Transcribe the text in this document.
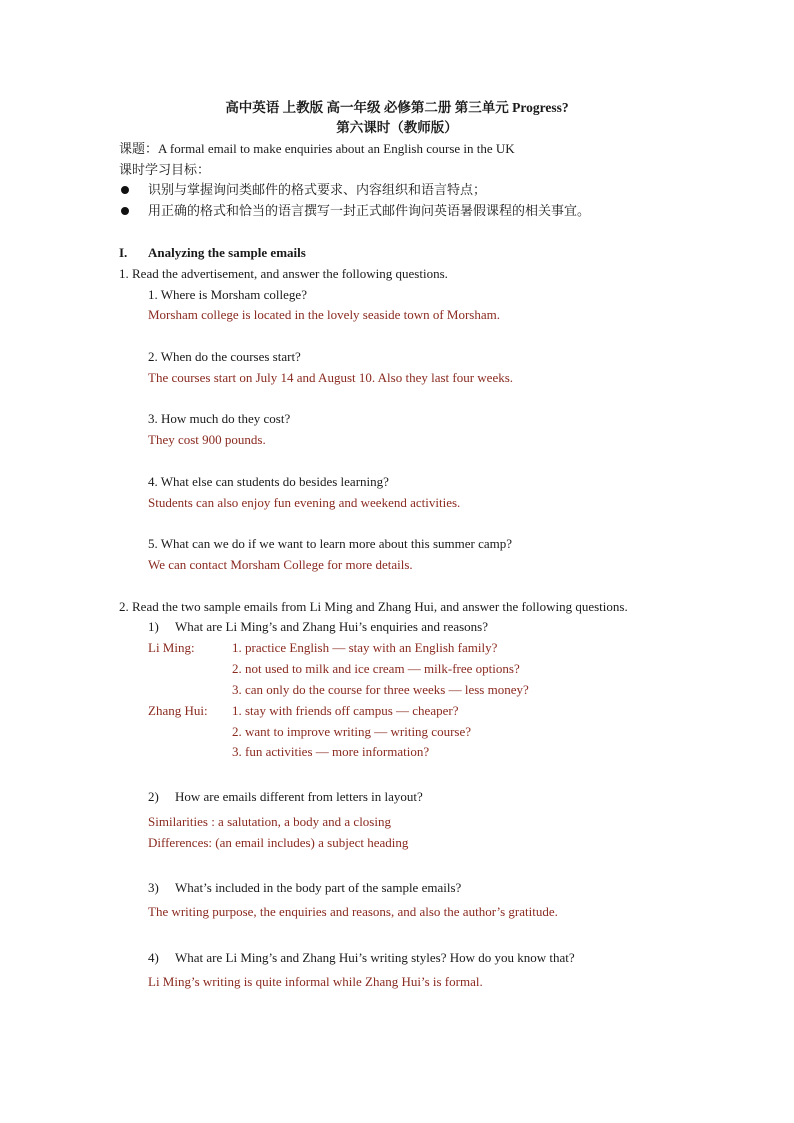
高中英语 上教版 高一年级 必修第二册 第三单元 Progress?
第六课时（教师版）
课题：A formal email to make enquiries about an English course in the UK
课时学习目标：
识别与掌握询问类邮件的格式要求、内容组织和语言特点；
用正确的格式和恰当的语言撰写一封正式邮件询问英语暑假课程的相关事宜。
I. Analyzing the sample emails
1. Read the advertisement, and answer the following questions.
1. Where is Morsham college?
Morsham college is located in the lovely seaside town of Morsham.
2. When do the courses start?
The courses start on July 14 and August 10. Also they last four weeks.
3. How much do they cost?
They cost 900 pounds.
4. What else can students do besides learning?
Students can also enjoy fun evening and weekend activities.
5. What can we do if we want to learn more about this summer camp?
We can contact Morsham College for more details.
2. Read the two sample emails from Li Ming and Zhang Hui, and answer the following questions.
1) What are Li Ming’s and Zhang Hui’s enquiries and reasons?
Li Ming:	1. practice English — stay with an English family?
2. not used to milk and ice cream — milk-free options?
3. can only do the course for three weeks — less money?
Zhang Hui: 1. stay with friends off campus — cheaper?
2. want to improve writing — writing course?
3. fun activities — more information?
2) How are emails different from letters in layout?
Similarities : a salutation, a body and a closing
Differences: (an email includes) a subject heading
3) What’s included in the body part of the sample emails?
The writing purpose, the enquiries and reasons, and also the author’s gratitude.
4) What are Li Ming’s and Zhang Hui’s writing styles? How do you know that?
Li Ming’s writing is quite informal while Zhang Hui’s is formal.
